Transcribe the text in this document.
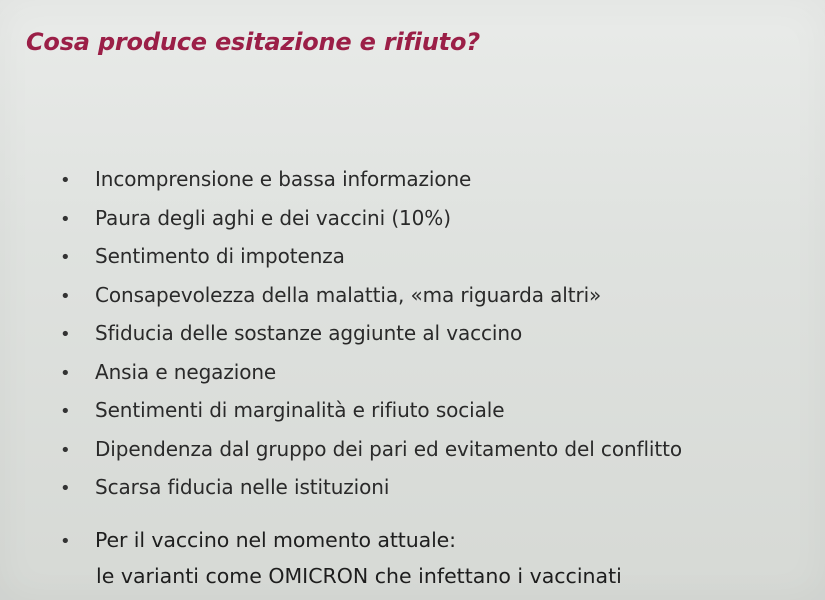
Cosa produce esitazione e rifiuto?
•	Incomprensione e bassa informazione
•	Paura degli aghi e dei vaccini (10%)
•	Sentimento di impotenza
•	Consapevolezza della malattia, «ma riguarda altri»
•	Sfiducia delle sostanze aggiunte al vaccino
•	Ansia e negazione
•	Sentimenti di marginalità e rifiuto sociale
•	Dipendenza dal gruppo dei pari ed evitamento del conflitto
•	Scarsa fiducia nelle istituzioni
•	Per il vaccino nel momento attuale:
le varianti come OMICRON che infettano i vaccinati
